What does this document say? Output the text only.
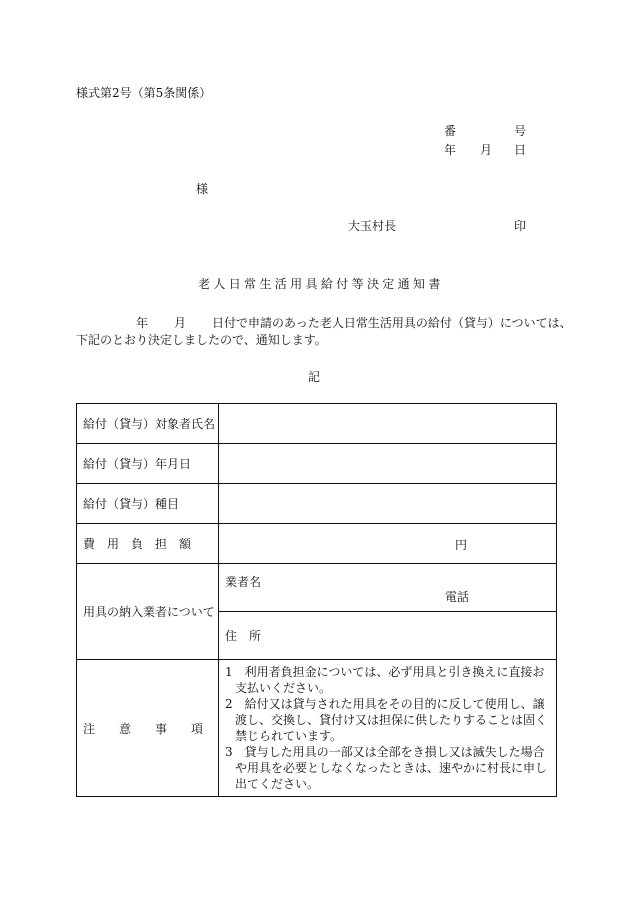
様式第2号（第5条関係）
番	号
年 月 日
様
大玉村長	印
老人日常生活用具給付等決定通知書
年 月 日付で申請のあった老人日常生活用具の給付（貸与）については、
下記のとおり決定しましたので、通知します。
記
給付（貸与）対象者氏名	
給付（貸与）年月日	
給付（貸与）種目	
費　用　負　担　額	円

用具の納入業者について	業者名
電話

	住　所
注　　意　　事　　項	1　利用者負担金については、必ず用具と引き換えに直接お支払いください。
2　給付又は貸与された用具をその目的に反して使用し、譲渡し、交換し、貸付け又は担保に供したりすることは固く禁じられています。
3　貸与した用具の一部又は全部をき損し又は滅失した場合や用具を必要としなくなったときは、速やかに村長に申し出てください。
